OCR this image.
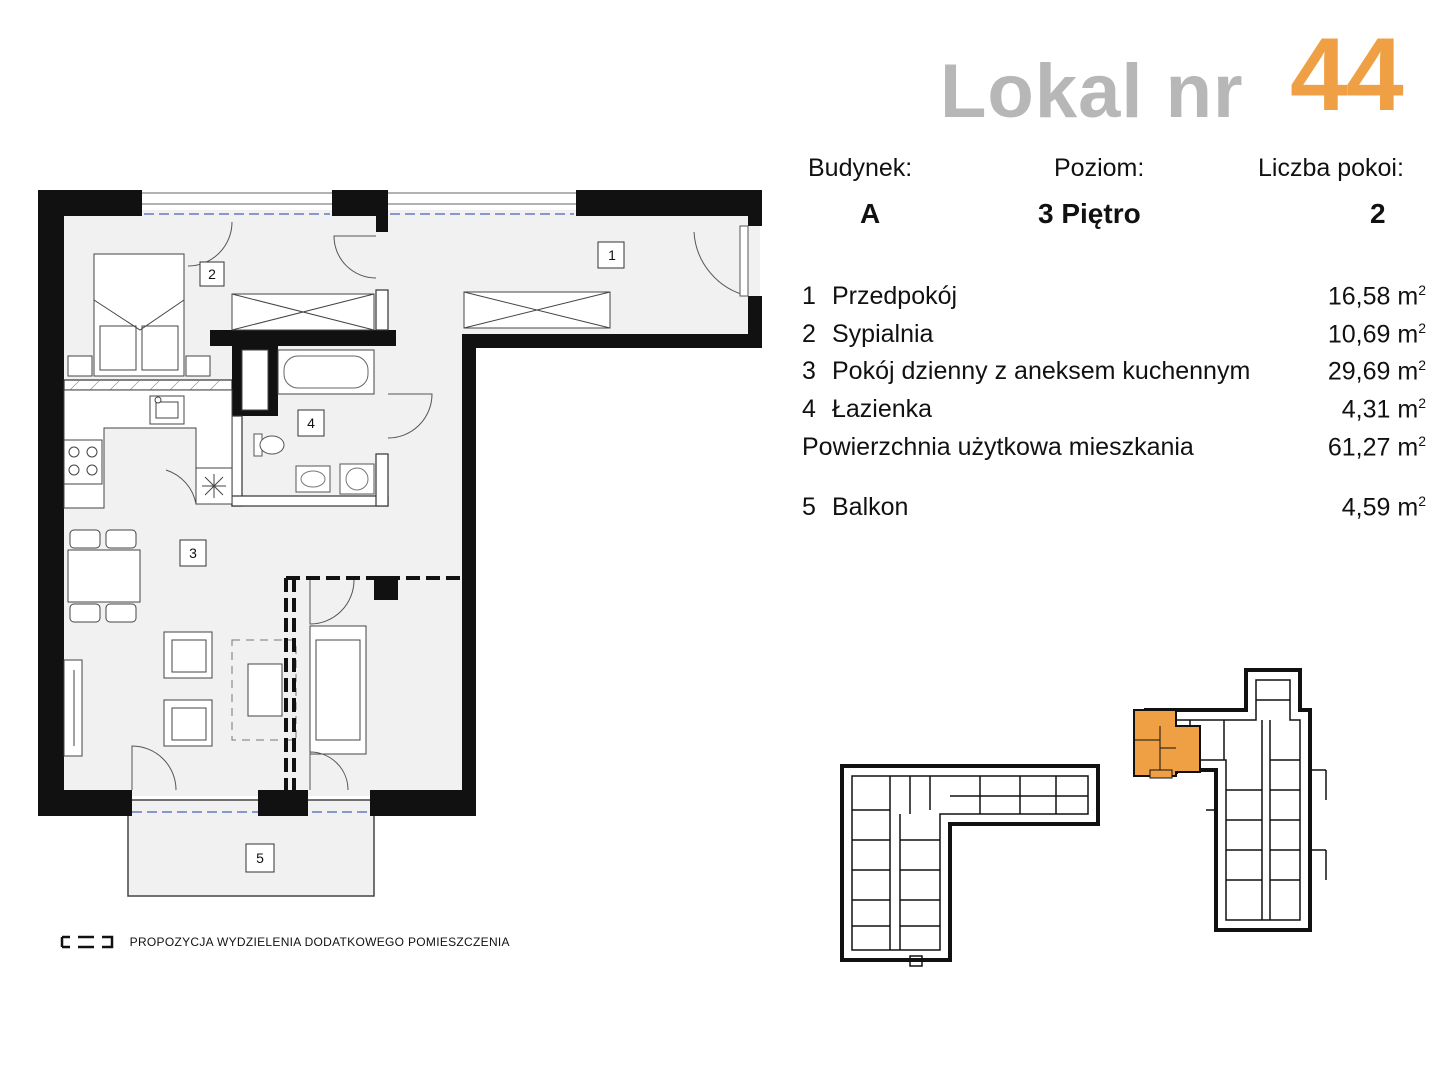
Lokal nr 44
Budynek:	Poziom:	Liczba pokoi:
A	3 Piętro	2
1 Przedpokój	16,58 $m^2$
2 Sypialnia	10,69 $m^2$
3 Pokój dzienny z aneksem kuchennym	29,69 $m^2$
4 Łazienka	4,31 $m^2$
Powierzchnia użytkowa mieszkania	61,27 $m^2$
5 Balkon	4,59 $m^2$
1
2
3
4
5
PROPOZYCJA WYDZIELENIA DODATKOWEGO POMIESZCZENIA
